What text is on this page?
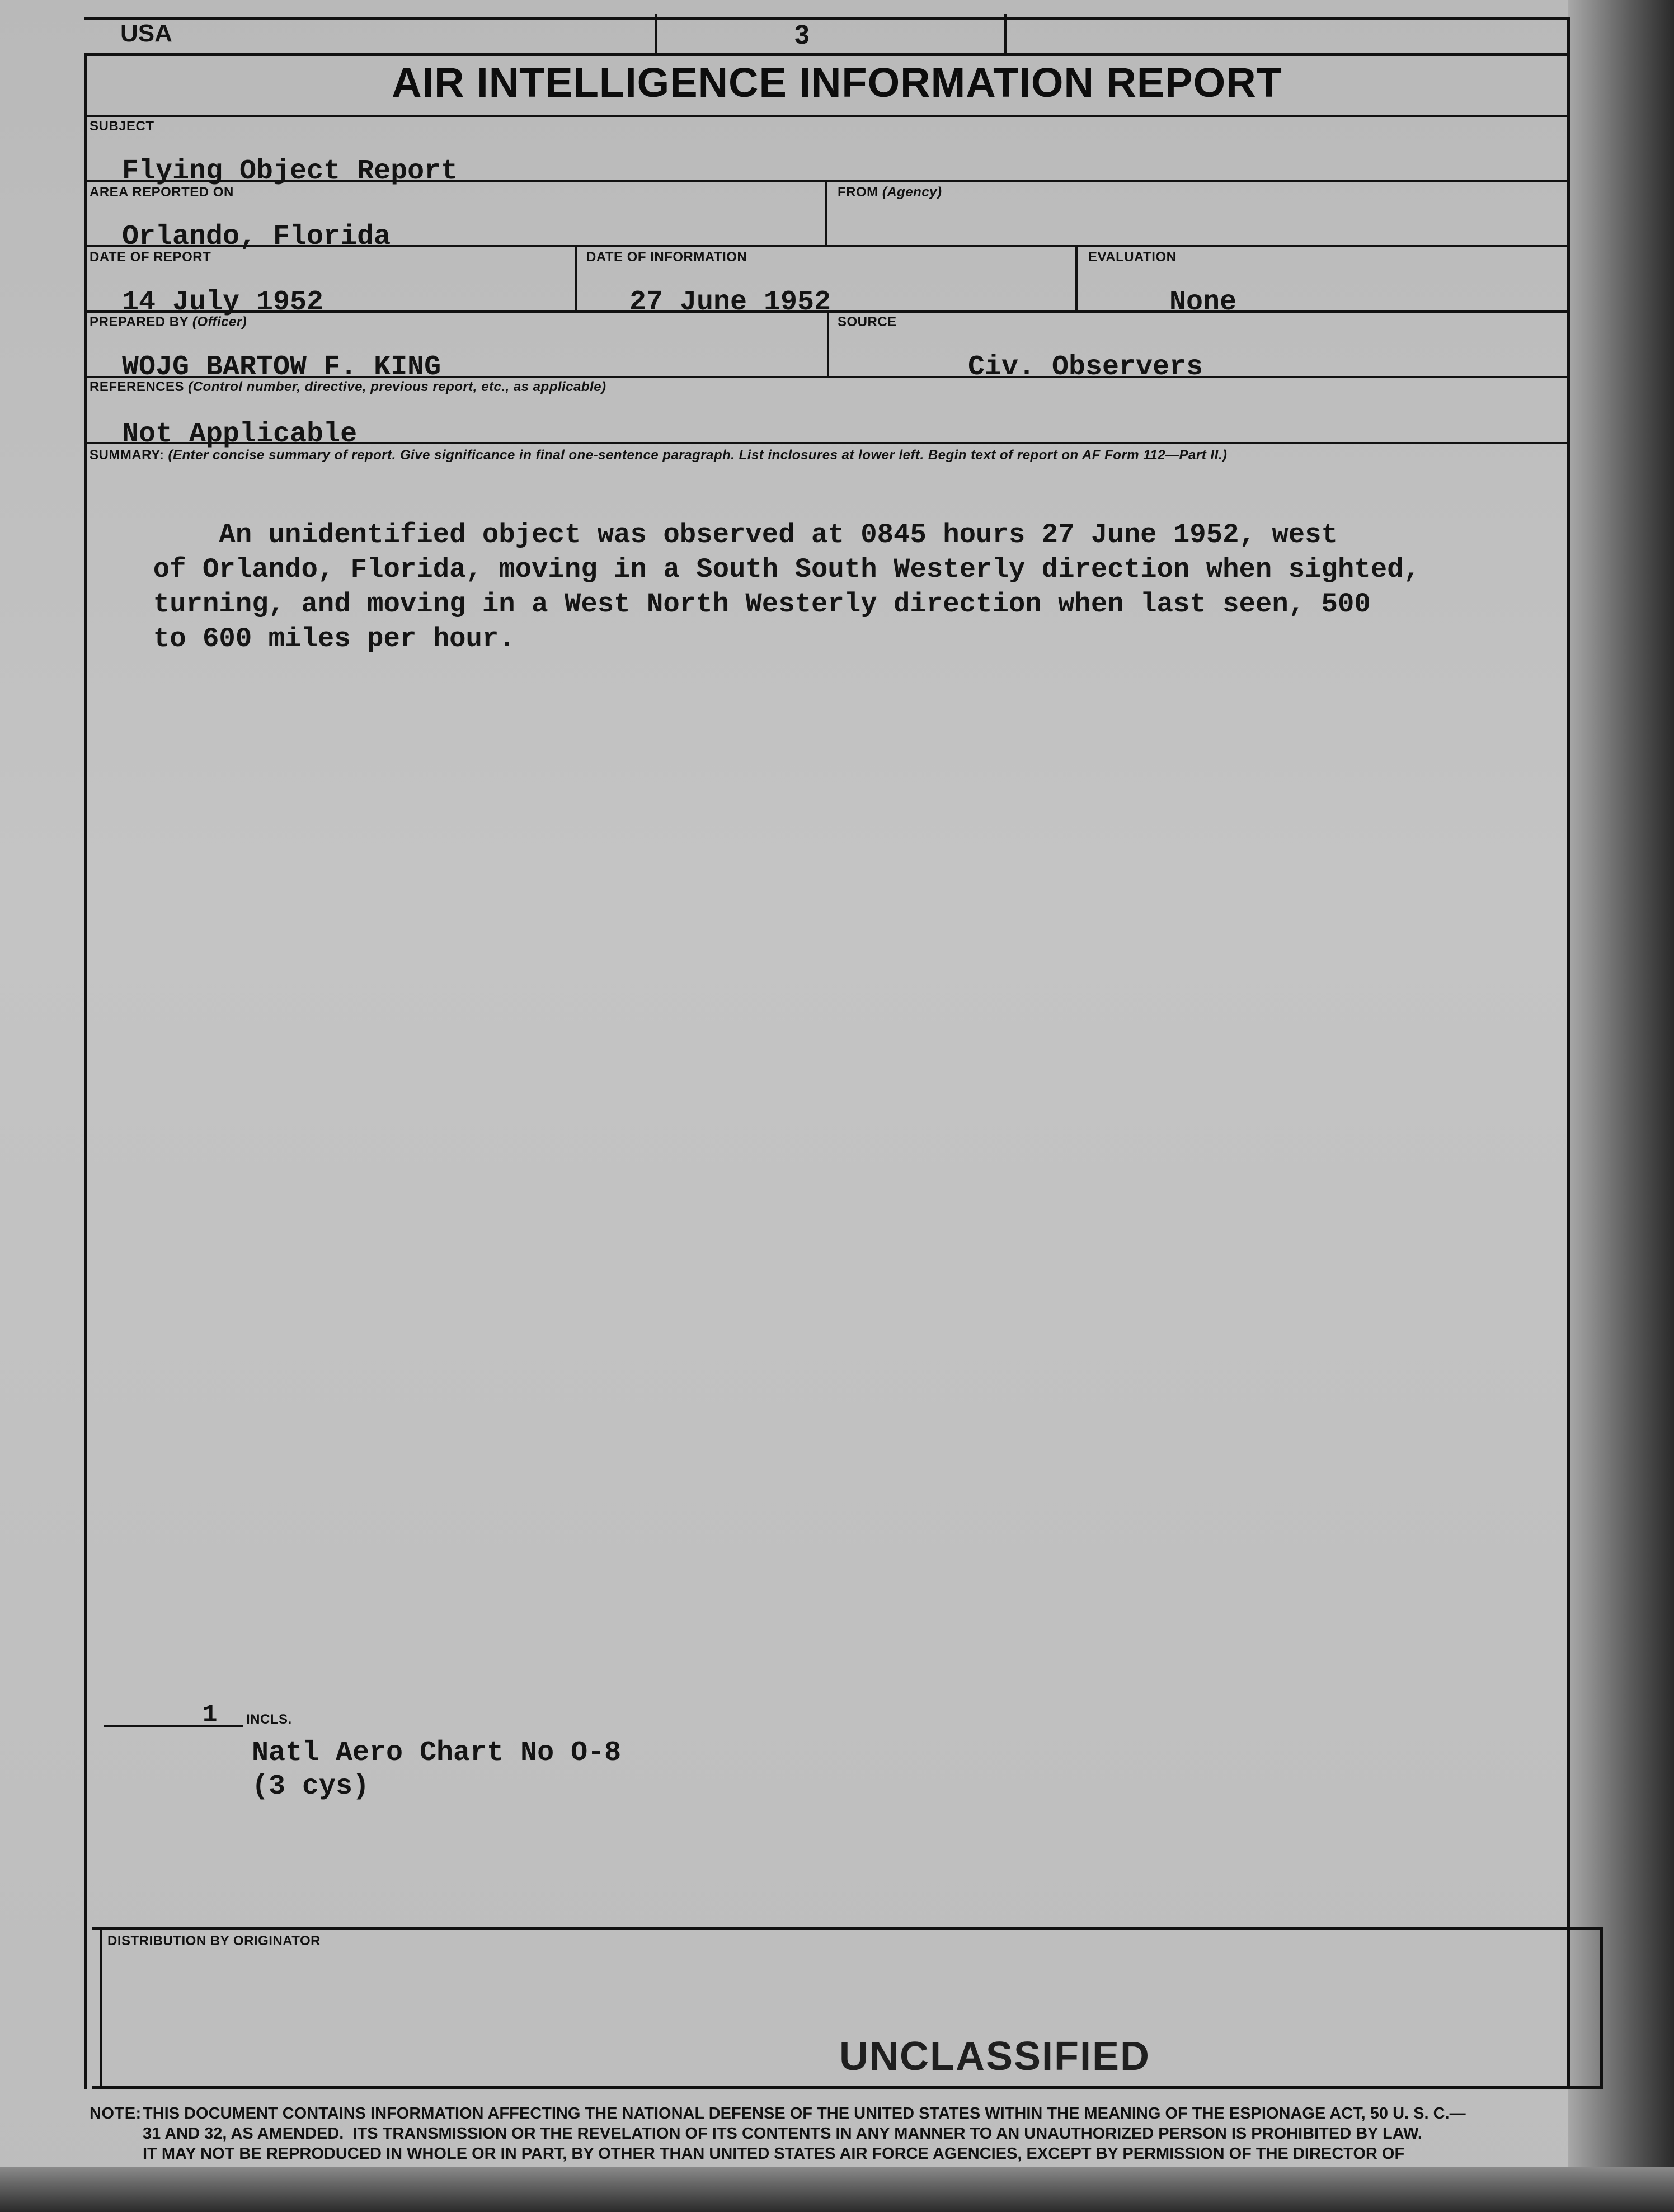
USA	3
AIR INTELLIGENCE INFORMATION REPORT
SUBJECT
Flying Object Report
AREA REPORTED ON
Orlando, Florida
FROM (Agency)
DATE OF REPORT
14 July 1952
DATE OF INFORMATION
27 June 1952
EVALUATION
None
PREPARED BY (Officer)
WOJG BARTOW F. KING
SOURCE
Civ. Observers
REFERENCES (Control number, directive, previous report, etc., as applicable)
Not Applicable
SUMMARY: (Enter concise summary of report. Give significance in final one-sentence paragraph. List inclosures at lower left. Begin text of report on AF Form 112—Part II.)
An unidentified object was observed at 0845 hours 27 June 1952, west
of Orlando, Florida, moving in a South South Westerly direction when sighted,
turning, and moving in a West North Westerly direction when last seen, 500
to 600 miles per hour.
1 INCLS.
Natl Aero Chart No O-8
(3 cys)
DISTRIBUTION BY ORIGINATOR
UNCLASSIFIED
NOTE: THIS DOCUMENT CONTAINS INFORMATION AFFECTING THE NATIONAL DEFENSE OF THE UNITED STATES WITHIN THE MEANING OF THE ESPIONAGE ACT, 50 U. S. C.—
31 AND 32, AS AMENDED.  ITS TRANSMISSION OR THE REVELATION OF ITS CONTENTS IN ANY MANNER TO AN UNAUTHORIZED PERSON IS PROHIBITED BY LAW.
IT MAY NOT BE REPRODUCED IN WHOLE OR IN PART, BY OTHER THAN UNITED STATES AIR FORCE AGENCIES, EXCEPT BY PERMISSION OF THE DIRECTOR OF
